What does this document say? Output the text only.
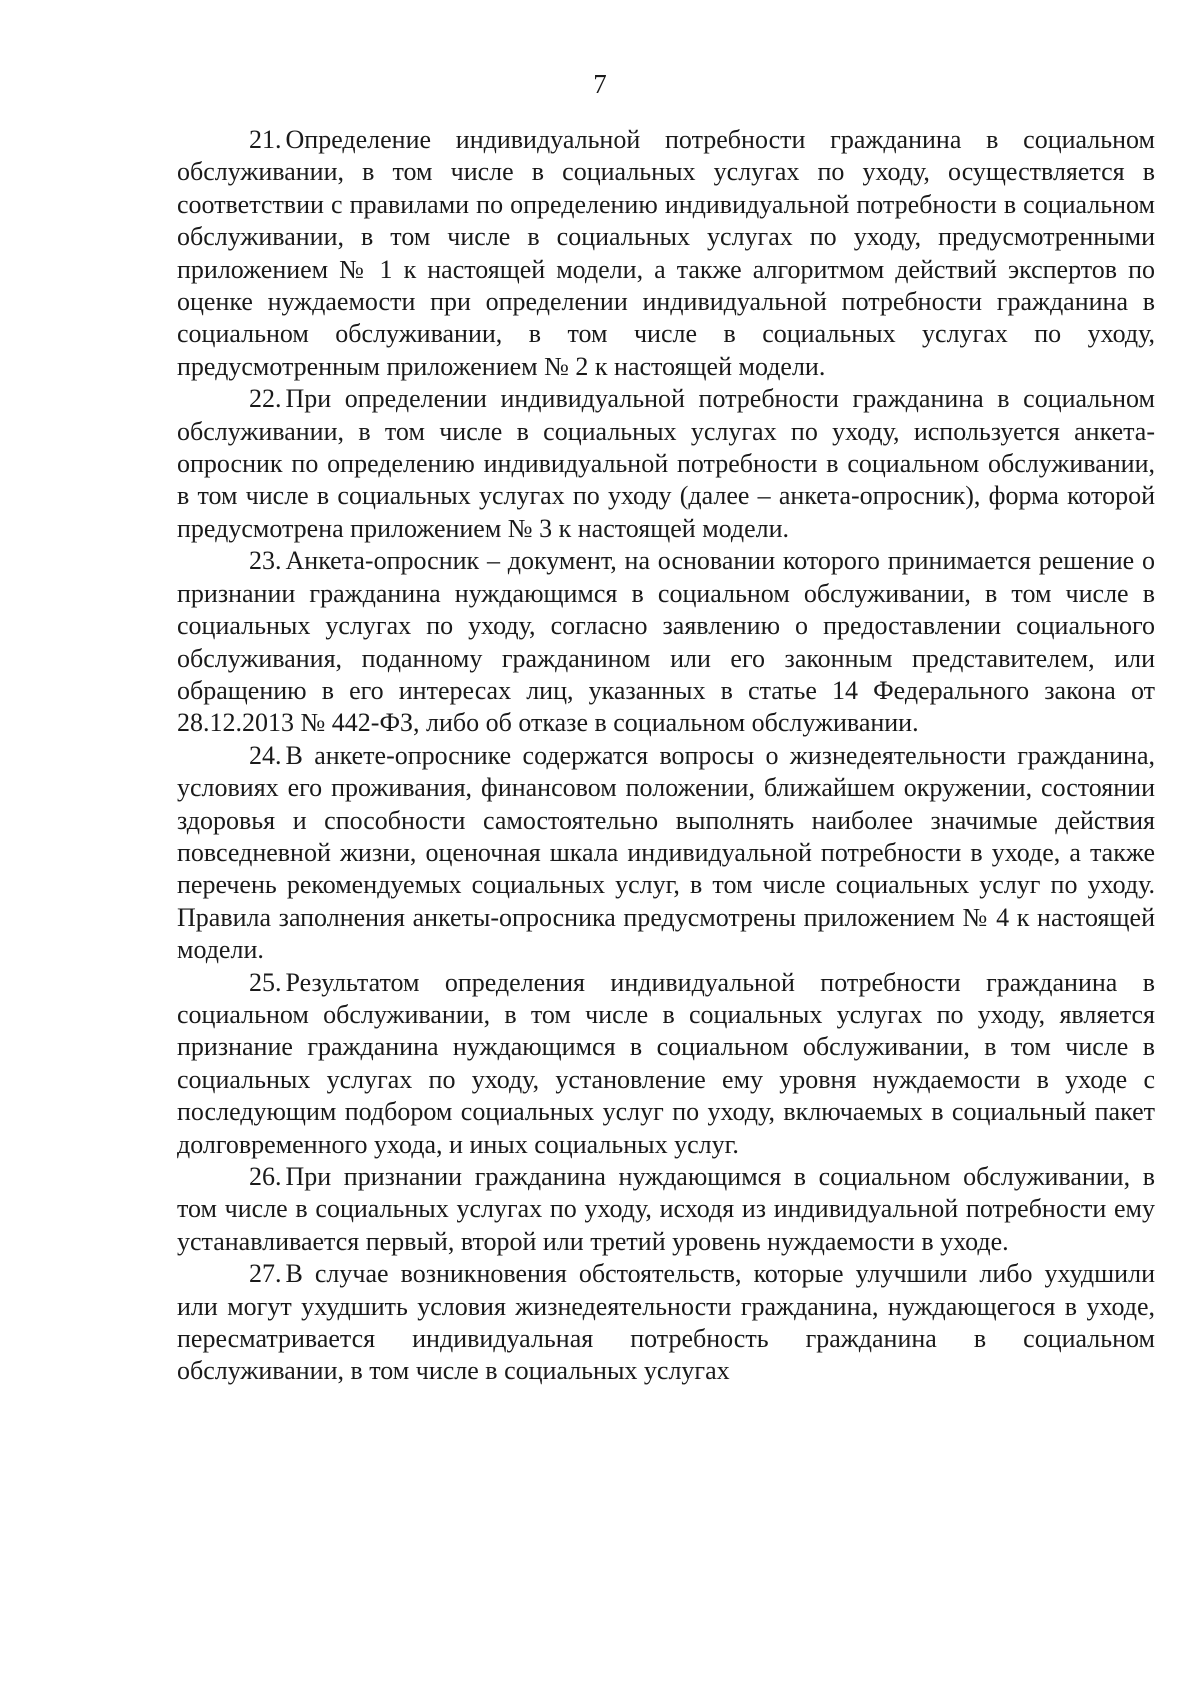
7

21. Определение индивидуальной потребности гражданина в социальном обслуживании, в том числе в социальных услугах по уходу, осуществляется в соответствии с правилами по определению индивидуальной потребности в социальном обслуживании, в том числе в социальных услугах по уходу, предусмотренными приложением № 1 к настоящей модели, а также алгоритмом действий экспертов по оценке нуждаемости при определении индивидуальной потребности гражданина в социальном обслуживании, в том числе в социальных услугах по уходу, предусмотренным приложением № 2 к настоящей модели.

22. При определении индивидуальной потребности гражданина в социальном обслуживании, в том числе в социальных услугах по уходу, используется анкета-опросник по определению индивидуальной потребности в социальном обслуживании, в том числе в социальных услугах по уходу (далее – анкета-опросник), форма которой предусмотрена приложением № 3 к настоящей модели.

23. Анкета-опросник – документ, на основании которого принимается решение о признании гражданина нуждающимся в социальном обслуживании, в том числе в социальных услугах по уходу, согласно заявлению о предоставлении социального обслуживания, поданному гражданином или его законным представителем, или обращению в его интересах лиц, указанных в статье 14 Федерального закона от 28.12.2013 № 442-ФЗ, либо об отказе в социальном обслуживании.

24. В анкете-опроснике содержатся вопросы о жизнедеятельности гражданина, условиях его проживания, финансовом положении, ближайшем окружении, состоянии здоровья и способности самостоятельно выполнять наиболее значимые действия повседневной жизни, оценочная шкала индивидуальной потребности в уходе, а также перечень рекомендуемых социальных услуг, в том числе социальных услуг по уходу. Правила заполнения анкеты-опросника предусмотрены приложением № 4 к настоящей модели.

25. Результатом определения индивидуальной потребности гражданина в социальном обслуживании, в том числе в социальных услугах по уходу, является признание гражданина нуждающимся в социальном обслуживании, в том числе в социальных услугах по уходу, установление ему уровня нуждаемости в уходе с последующим подбором социальных услуг по уходу, включаемых в социальный пакет долговременного ухода, и иных социальных услуг.

26. При признании гражданина нуждающимся в социальном обслуживании, в том числе в социальных услугах по уходу, исходя из индивидуальной потребности ему устанавливается первый, второй или третий уровень нуждаемости в уходе.

27. В случае возникновения обстоятельств, которые улучшили либо ухудшили или могут ухудшить условия жизнедеятельности гражданина, нуждающегося в уходе, пересматривается индивидуальная потребность гражданина в социальном обслуживании, в том числе в социальных услугах
